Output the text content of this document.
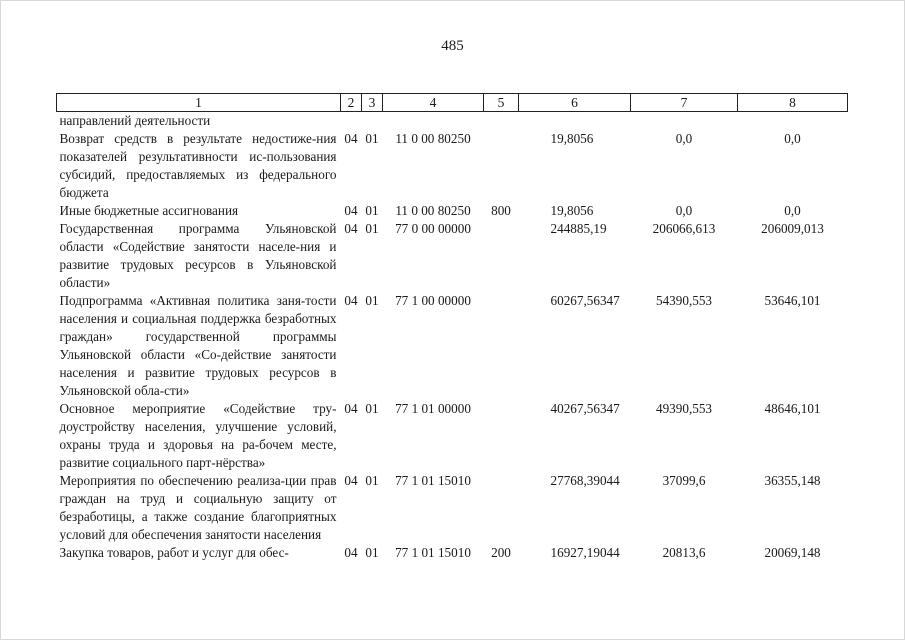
485
1	2	3	4	5	6	7	8
направлений деятельности							
Возврат средств в результате недостиже-ния показателей результативности ис-пользования субсидий, предоставляемых из федерального бюджета	04	01	11 0 00 80250		19,8056	0,0	0,0
Иные бюджетные ассигнования	04	01	11 0 00 80250	800	19,8056	0,0	0,0
Государственная программа Ульяновской области «Содействие занятости населе-ния и развитие трудовых ресурсов в Ульяновской области»	04	01	77 0 00 00000		244885,19	206066,613	206009,013
Подпрограмма «Активная политика заня-тости населения и социальная поддержка безработных граждан» государственной программы Ульяновской области «Со-действие занятости населения и развитие трудовых ресурсов в Ульяновской обла-сти»	04	01	77 1 00 00000		60267,56347	54390,553	53646,101
Основное мероприятие «Содействие тру-доустройству населения, улучшение условий, охраны труда и здоровья на ра-бочем месте, развитие социального парт-нёрства»	04	01	77 1 01 00000		40267,56347	49390,553	48646,101
Мероприятия по обеспечению реализа-ции прав граждан на труд и социальную защиту от безработицы, а также создание благоприятных условий для обеспечения занятости населения	04	01	77 1 01 15010		27768,39044	37099,6	36355,148
Закупка товаров, работ и услуг для обес-	04	01	77 1 01 15010	200	16927,19044	20813,6	20069,148
